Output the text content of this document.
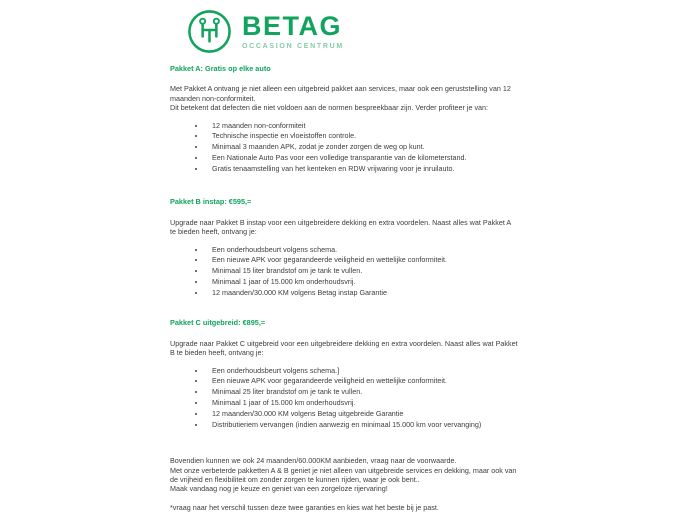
BETAG
OCCASION CENTRUM
Pakket A: Gratis op elke auto

Met Pakket A ontvang je niet alleen een uitgebreid pakket aan services, maar ook een geruststelling van 12 maanden non-conformiteit.

Dit betekent dat defecten die niet voldoen aan de normen bespreekbaar zijn. Verder profiteer je van:

• 12 maanden non-conformiteit
• Technische inspectie en vloeistoffen controle.
• Minimaal 3 maanden APK, zodat je zonder zorgen de weg op kunt.
• Een Nationale Auto Pas voor een volledige transparantie van de kilometerstand.
• Gratis tenaamstelling van het kenteken en RDW vrijwaring voor je inruilauto.
Pakket B instap: €595,=

Upgrade naar Pakket B instap voor een uitgebreidere dekking en extra voordelen. Naast alles wat Pakket A te bieden heeft, ontvang je:

• Een onderhoudsbeurt volgens schema.
• Een nieuwe APK voor gegarandeerde veiligheid en wettelijke conformiteit.
• Minimaal 15 liter brandstof om je tank te vullen.
• Minimaal 1 jaar of 15.000 km onderhoudsvrij.
• 12 maanden/30.000 KM volgens Betag instap Garantie
Pakket C uitgebreid: €895,=

Upgrade naar Pakket C uitgebreid voor een uitgebreidere dekking en extra voordelen. Naast alles wat Pakket B te bieden heeft, ontvang je:

• Een onderhoudsbeurt volgens schema.]
• Een nieuwe APK voor gegarandeerde veiligheid en wettelijke conformiteit.
• Minimaal 25 liter brandstof om je tank te vullen.
• Minimaal 1 jaar of 15.000 km onderhoudsvrij.
• 12 maanden/30.000 KM volgens Betag uitgebreide Garantie
• Distributieriem vervangen (indien aanwezig en minimaal 15.000 km voor vervanging)

Bovendien kunnen we ook 24 maanden/60.000KM aanbieden, vraag naar de voorwaarde.

Met onze verbeterde pakketten A & B geniet je niet alleen van uitgebreide services en dekking, maar ook van de vrijheid en flexibiliteit om zonder zorgen te kunnen rijden, waar je ook bent..

Maak vandaag nog je keuze en geniet van een zorgeloze rijervaring!

*vraag naar het verschil tussen deze twee garanties en kies wat het beste bij je past.
